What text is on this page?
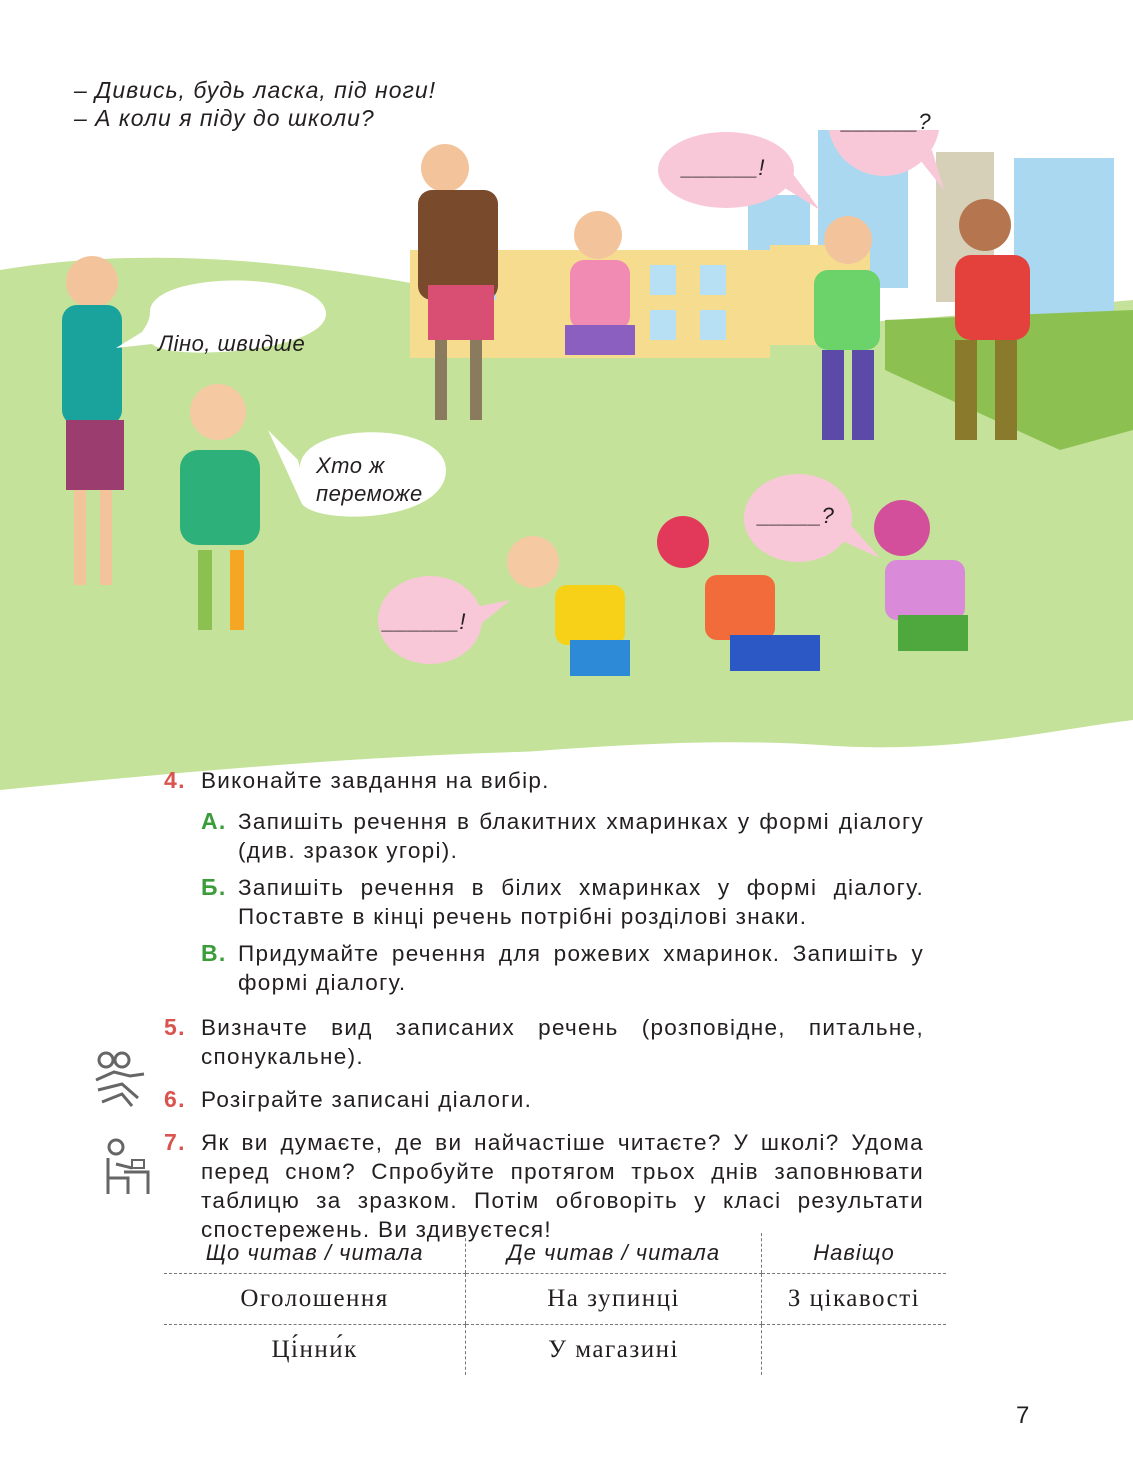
– Дивись, будь ласка, під ноги!
– А коли я піду до школи?
Ліно, швидше
Хто ж
переможе
______!
______?
_____?
______!
4. Виконайте завдання на вибір.
А. Запишіть речення в блакитних хмаринках у формі діалогу (див. зразок угорі).
Б. Запишіть речення в білих хмаринках у формі діалогу. Поставте в кінці речень потрібні розділові знаки.
В. Придумайте речення для рожевих хмаринок. Запишіть у формі діалогу.
5. Визначте вид записаних речень (розповідне, питальне, спонукальне).
6. Розіграйте записані діалоги.
7. Як ви думаєте, де ви найчастіше читаєте? У школі? Удома перед сном? Спробуйте протягом трьох днів заповнювати таблицю за зразком. Потім обговоріть у класі результати спостережень. Ви здивуєтеся!
Що читав / читала	Де читав / читала	Навіщо
Оголошення	На зупинці	З цікавості
Ці́нни́к	У магазині	
7
